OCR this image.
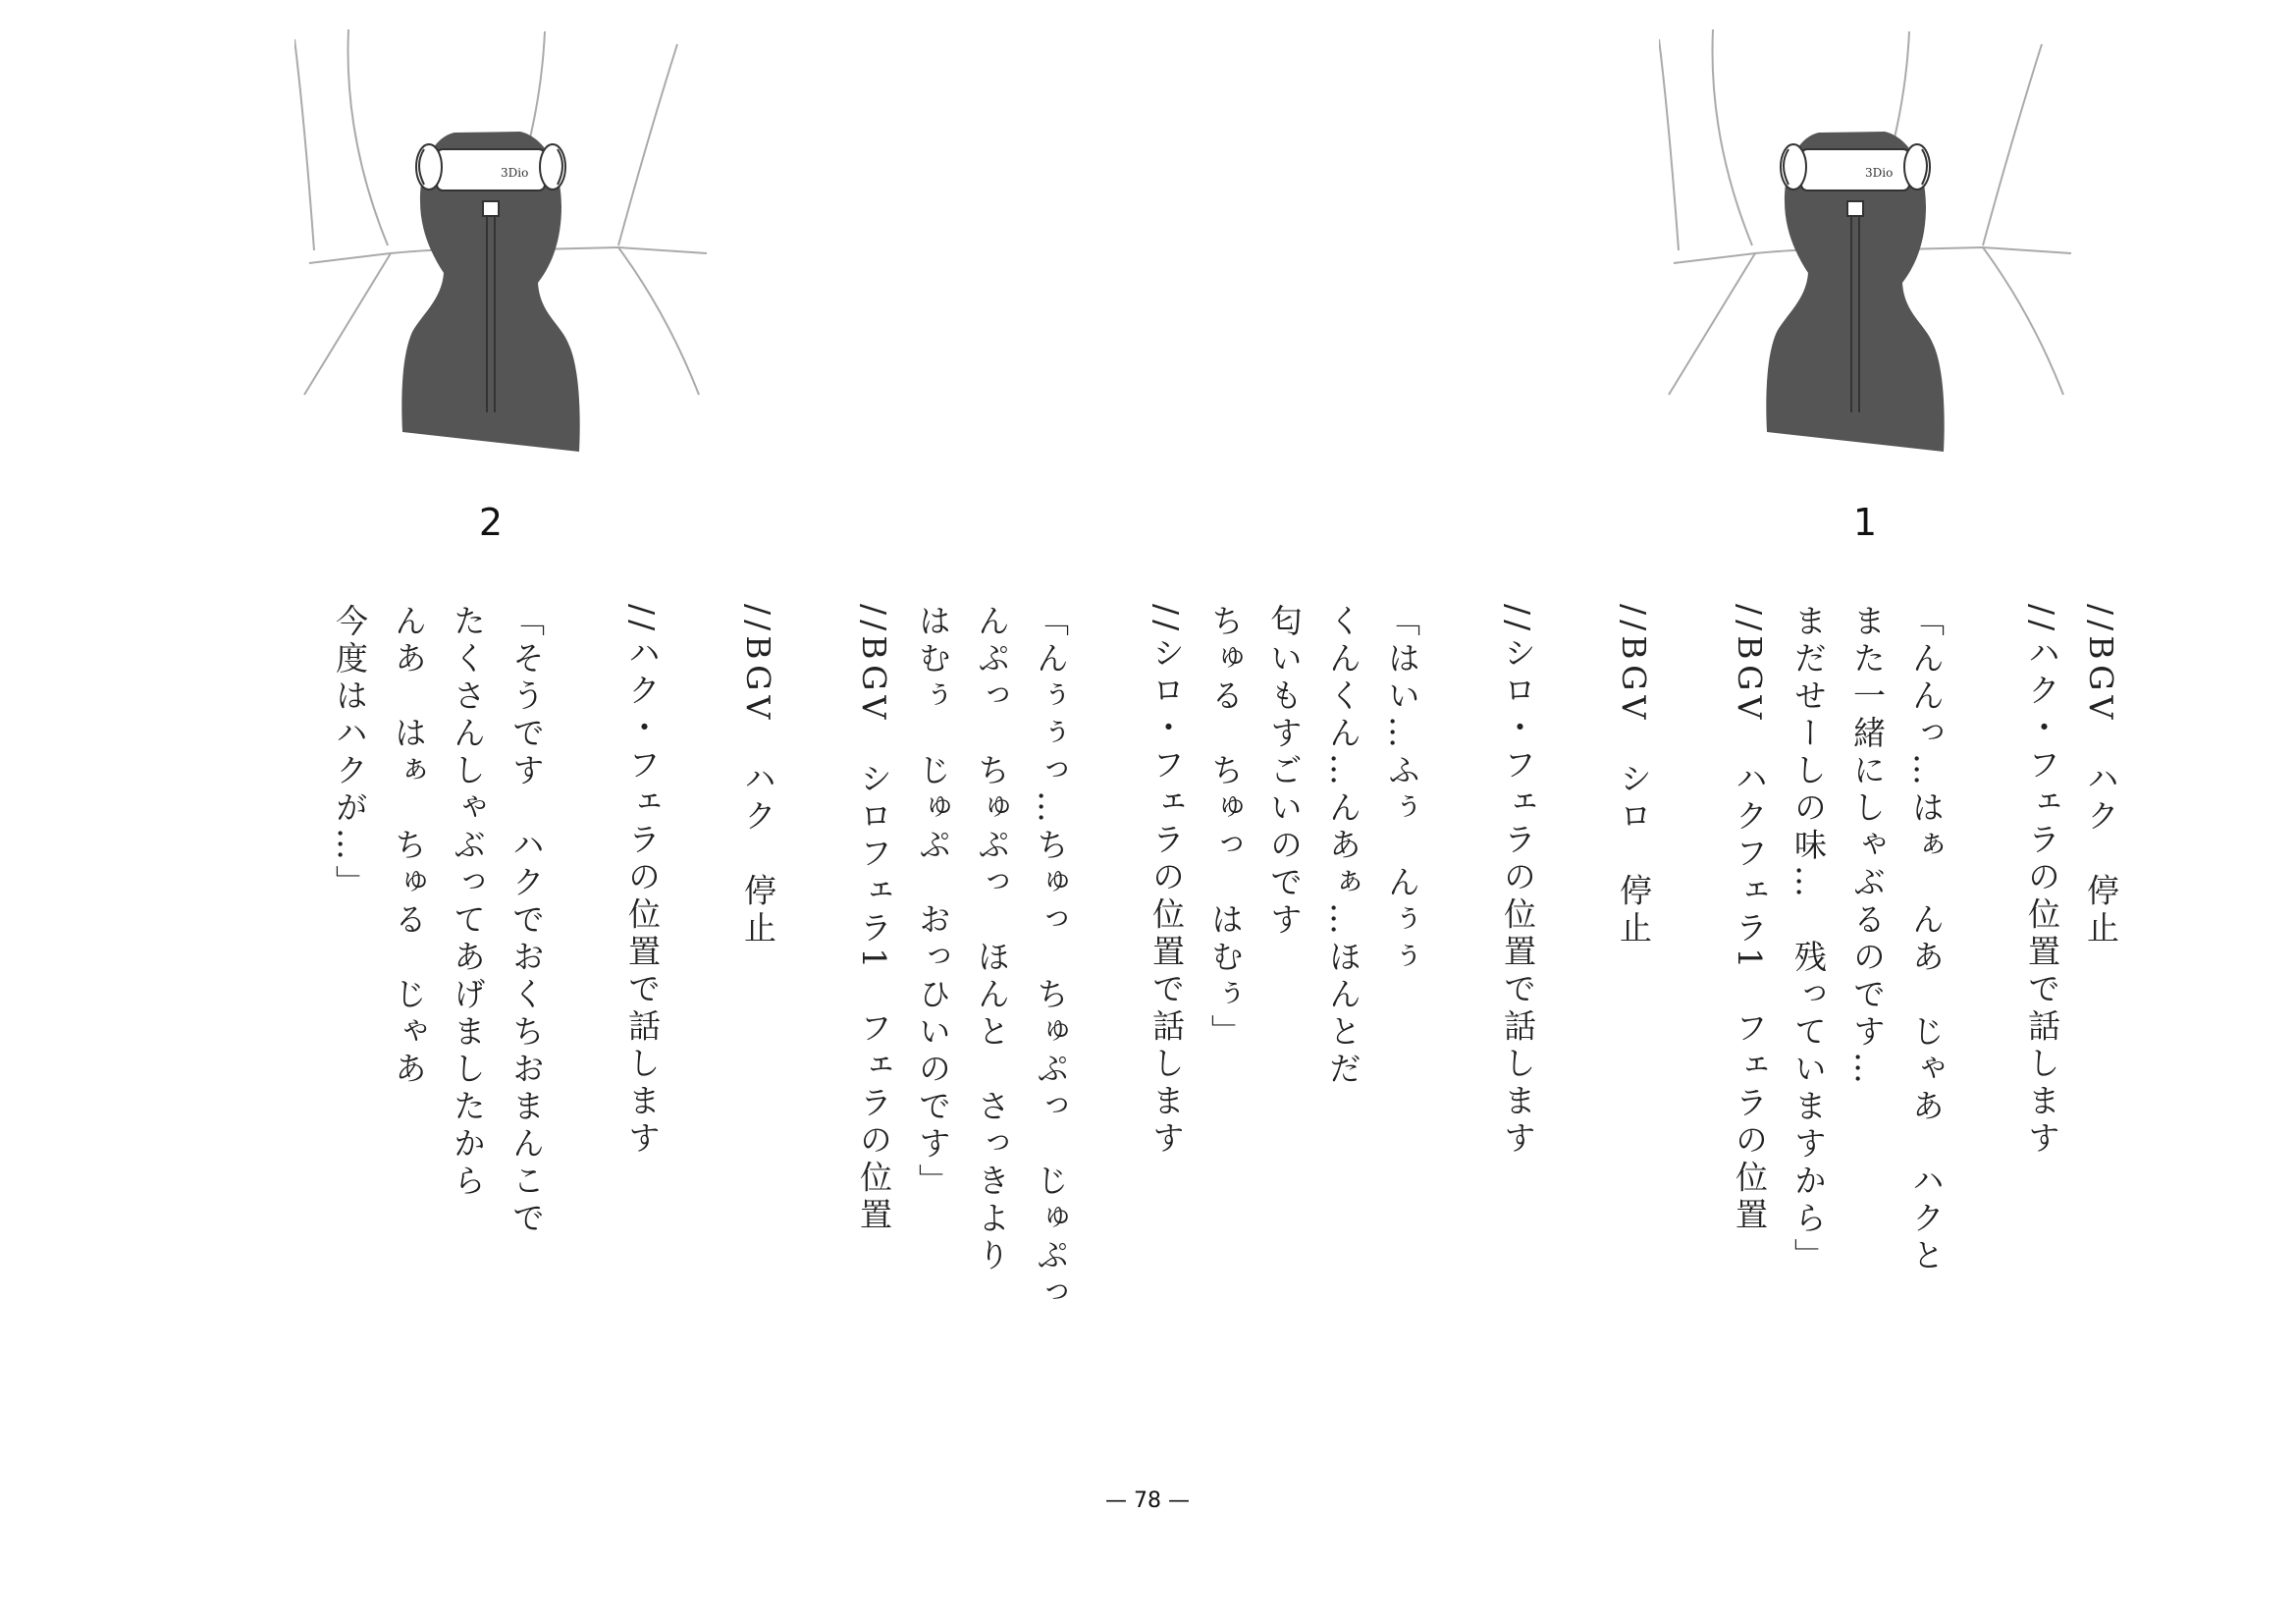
3Dio
1
3Dio
2
//BGV　ハク　停止
//ハク・フェラの位置で話します
「んんっ…はぁ　んあ　じゃあ　ハクと
また一緒にしゃぶるのです…
まだせーしの味…　残っていますから」
//BGV　ハクフェラ1　フェラの位置
//BGV　シロ　停止
//シロ・フェラの位置で話します
「はい…ふぅ　んぅぅ
くんくん…んあぁ…ほんとだ
匂いもすごいのです
ちゅる　ちゅっ　はむぅ」
//シロ・フェラの位置で話します
「んぅぅっ…ちゅっ　ちゅぷっ　じゅぷっ
んぷっ　ちゅぷっ　ほんと　さっきより
はむぅ　じゅぷ　おっひいのです」
//BGV　シロフェラ1　フェラの位置
//BGV　ハク　停止
//ハク・フェラの位置で話します
「そうです　ハクでおくちおまんこで
たくさんしゃぶってあげましたから
んあ　はぁ　ちゅる　じゃあ
今度はハクが…」
— 78 —
